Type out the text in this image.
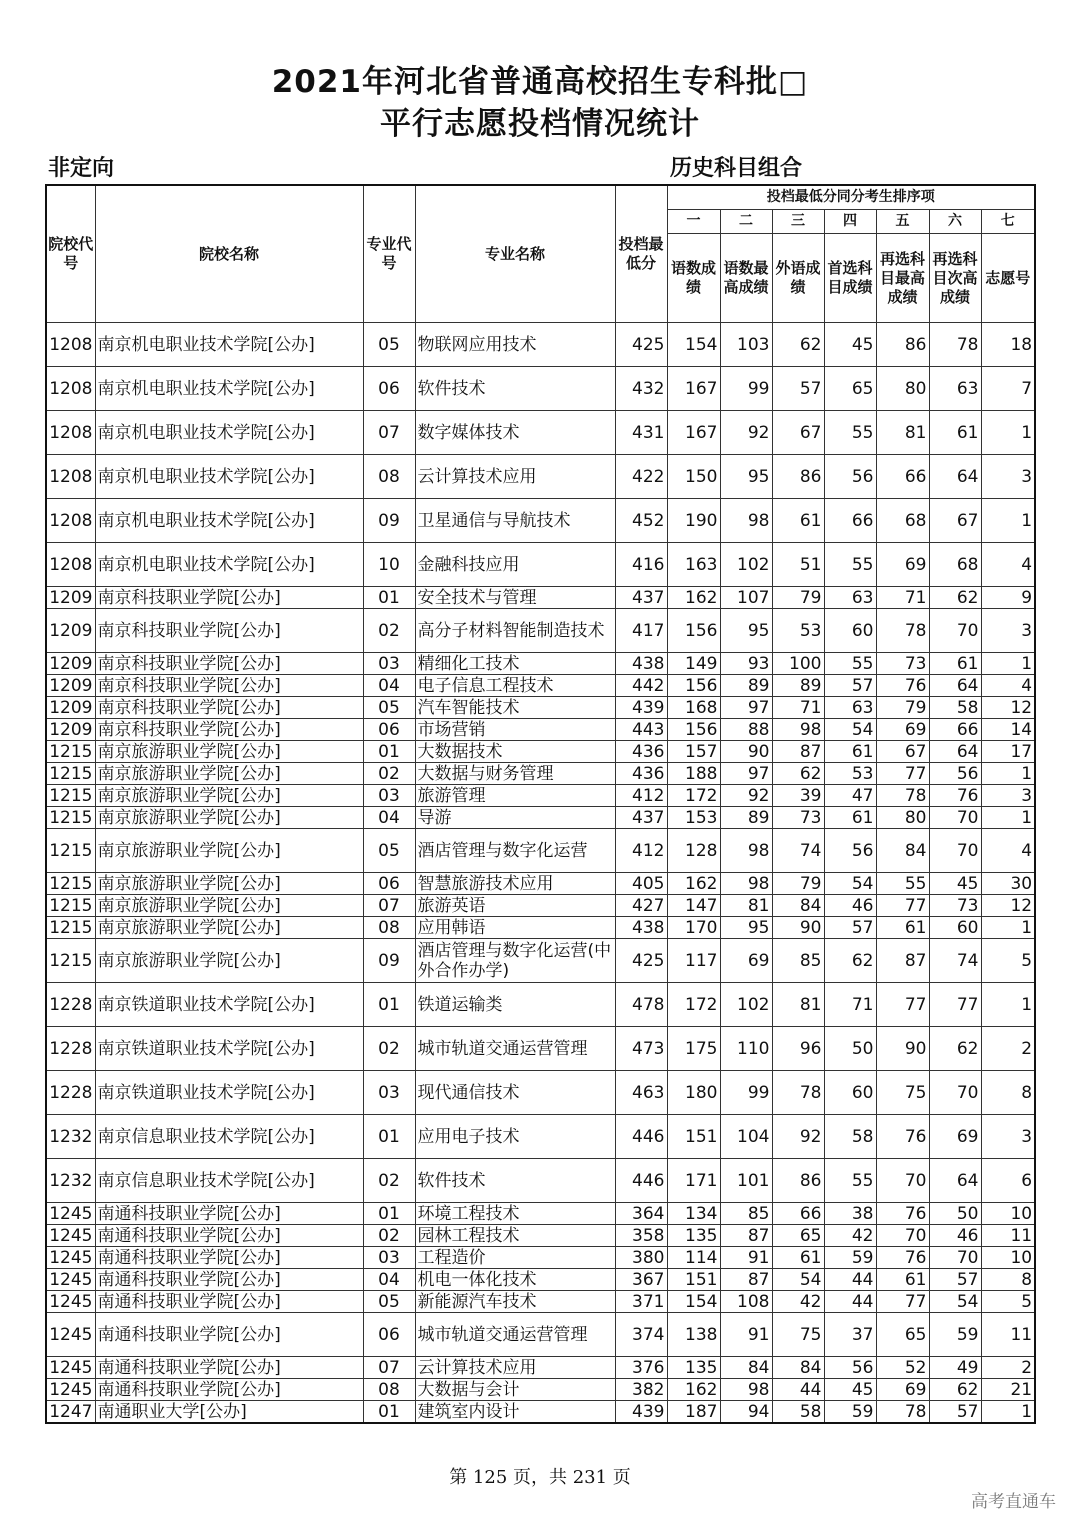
2021年河北省普通高校招生专科批□
平行志愿投档情况统计
非定向	历史科目组合
院校代号	院校名称	专业代号	专业名称	投档最低分	投档最低分同分考生排序项						
					一	二	三	四	五	六	七
					语数成绩	语数最高成绩	外语成绩	首选科目成绩	再选科目最高成绩	再选科目次高成绩	志愿号
1208	南京机电职业技术学院[公办]	05	物联网应用技术	425	154	103	62	45	86	78	18
1208	南京机电职业技术学院[公办]	06	软件技术	432	167	99	57	65	80	63	7
1208	南京机电职业技术学院[公办]	07	数字媒体技术	431	167	92	67	55	81	61	1
1208	南京机电职业技术学院[公办]	08	云计算技术应用	422	150	95	86	56	66	64	3
1208	南京机电职业技术学院[公办]	09	卫星通信与导航技术	452	190	98	61	66	68	67	1
1208	南京机电职业技术学院[公办]	10	金融科技应用	416	163	102	51	55	69	68	4
1209	南京科技职业学院[公办]	01	安全技术与管理	437	162	107	79	63	71	62	9
1209	南京科技职业学院[公办]	02	高分子材料智能制造技术	417	156	95	53	60	78	70	3
1209	南京科技职业学院[公办]	03	精细化工技术	438	149	93	100	55	73	61	1
1209	南京科技职业学院[公办]	04	电子信息工程技术	442	156	89	89	57	76	64	4
1209	南京科技职业学院[公办]	05	汽车智能技术	439	168	97	71	63	79	58	12
1209	南京科技职业学院[公办]	06	市场营销	443	156	88	98	54	69	66	14
1215	南京旅游职业学院[公办]	01	大数据技术	436	157	90	87	61	67	64	17
1215	南京旅游职业学院[公办]	02	大数据与财务管理	436	188	97	62	53	77	56	1
1215	南京旅游职业学院[公办]	03	旅游管理	412	172	92	39	47	78	76	3
1215	南京旅游职业学院[公办]	04	导游	437	153	89	73	61	80	70	1
1215	南京旅游职业学院[公办]	05	酒店管理与数字化运营	412	128	98	74	56	84	70	4
1215	南京旅游职业学院[公办]	06	智慧旅游技术应用	405	162	98	79	54	55	45	30
1215	南京旅游职业学院[公办]	07	旅游英语	427	147	81	84	46	77	73	12
1215	南京旅游职业学院[公办]	08	应用韩语	438	170	95	90	57	61	60	1
1215	南京旅游职业学院[公办]	09	酒店管理与数字化运营(中外合作办学)	425	117	69	85	62	87	74	5
1228	南京铁道职业技术学院[公办]	01	铁道运输类	478	172	102	81	71	77	77	1
1228	南京铁道职业技术学院[公办]	02	城市轨道交通运营管理	473	175	110	96	50	90	62	2
1228	南京铁道职业技术学院[公办]	03	现代通信技术	463	180	99	78	60	75	70	8
1232	南京信息职业技术学院[公办]	01	应用电子技术	446	151	104	92	58	76	69	3
1232	南京信息职业技术学院[公办]	02	软件技术	446	171	101	86	55	70	64	6
1245	南通科技职业学院[公办]	01	环境工程技术	364	134	85	66	38	76	50	10
1245	南通科技职业学院[公办]	02	园林工程技术	358	135	87	65	42	70	46	11
1245	南通科技职业学院[公办]	03	工程造价	380	114	91	61	59	76	70	10
1245	南通科技职业学院[公办]	04	机电一体化技术	367	151	87	54	44	61	57	8
1245	南通科技职业学院[公办]	05	新能源汽车技术	371	154	108	42	44	77	54	5
1245	南通科技职业学院[公办]	06	城市轨道交通运营管理	374	138	91	75	37	65	59	11
1245	南通科技职业学院[公办]	07	云计算技术应用	376	135	84	84	56	52	49	2
1245	南通科技职业学院[公办]	08	大数据与会计	382	162	98	44	45	69	62	21
1247	南通职业大学[公办]	01	建筑室内设计	439	187	94	58	59	78	57	1
第 125 页，共 231 页
高考直通车
